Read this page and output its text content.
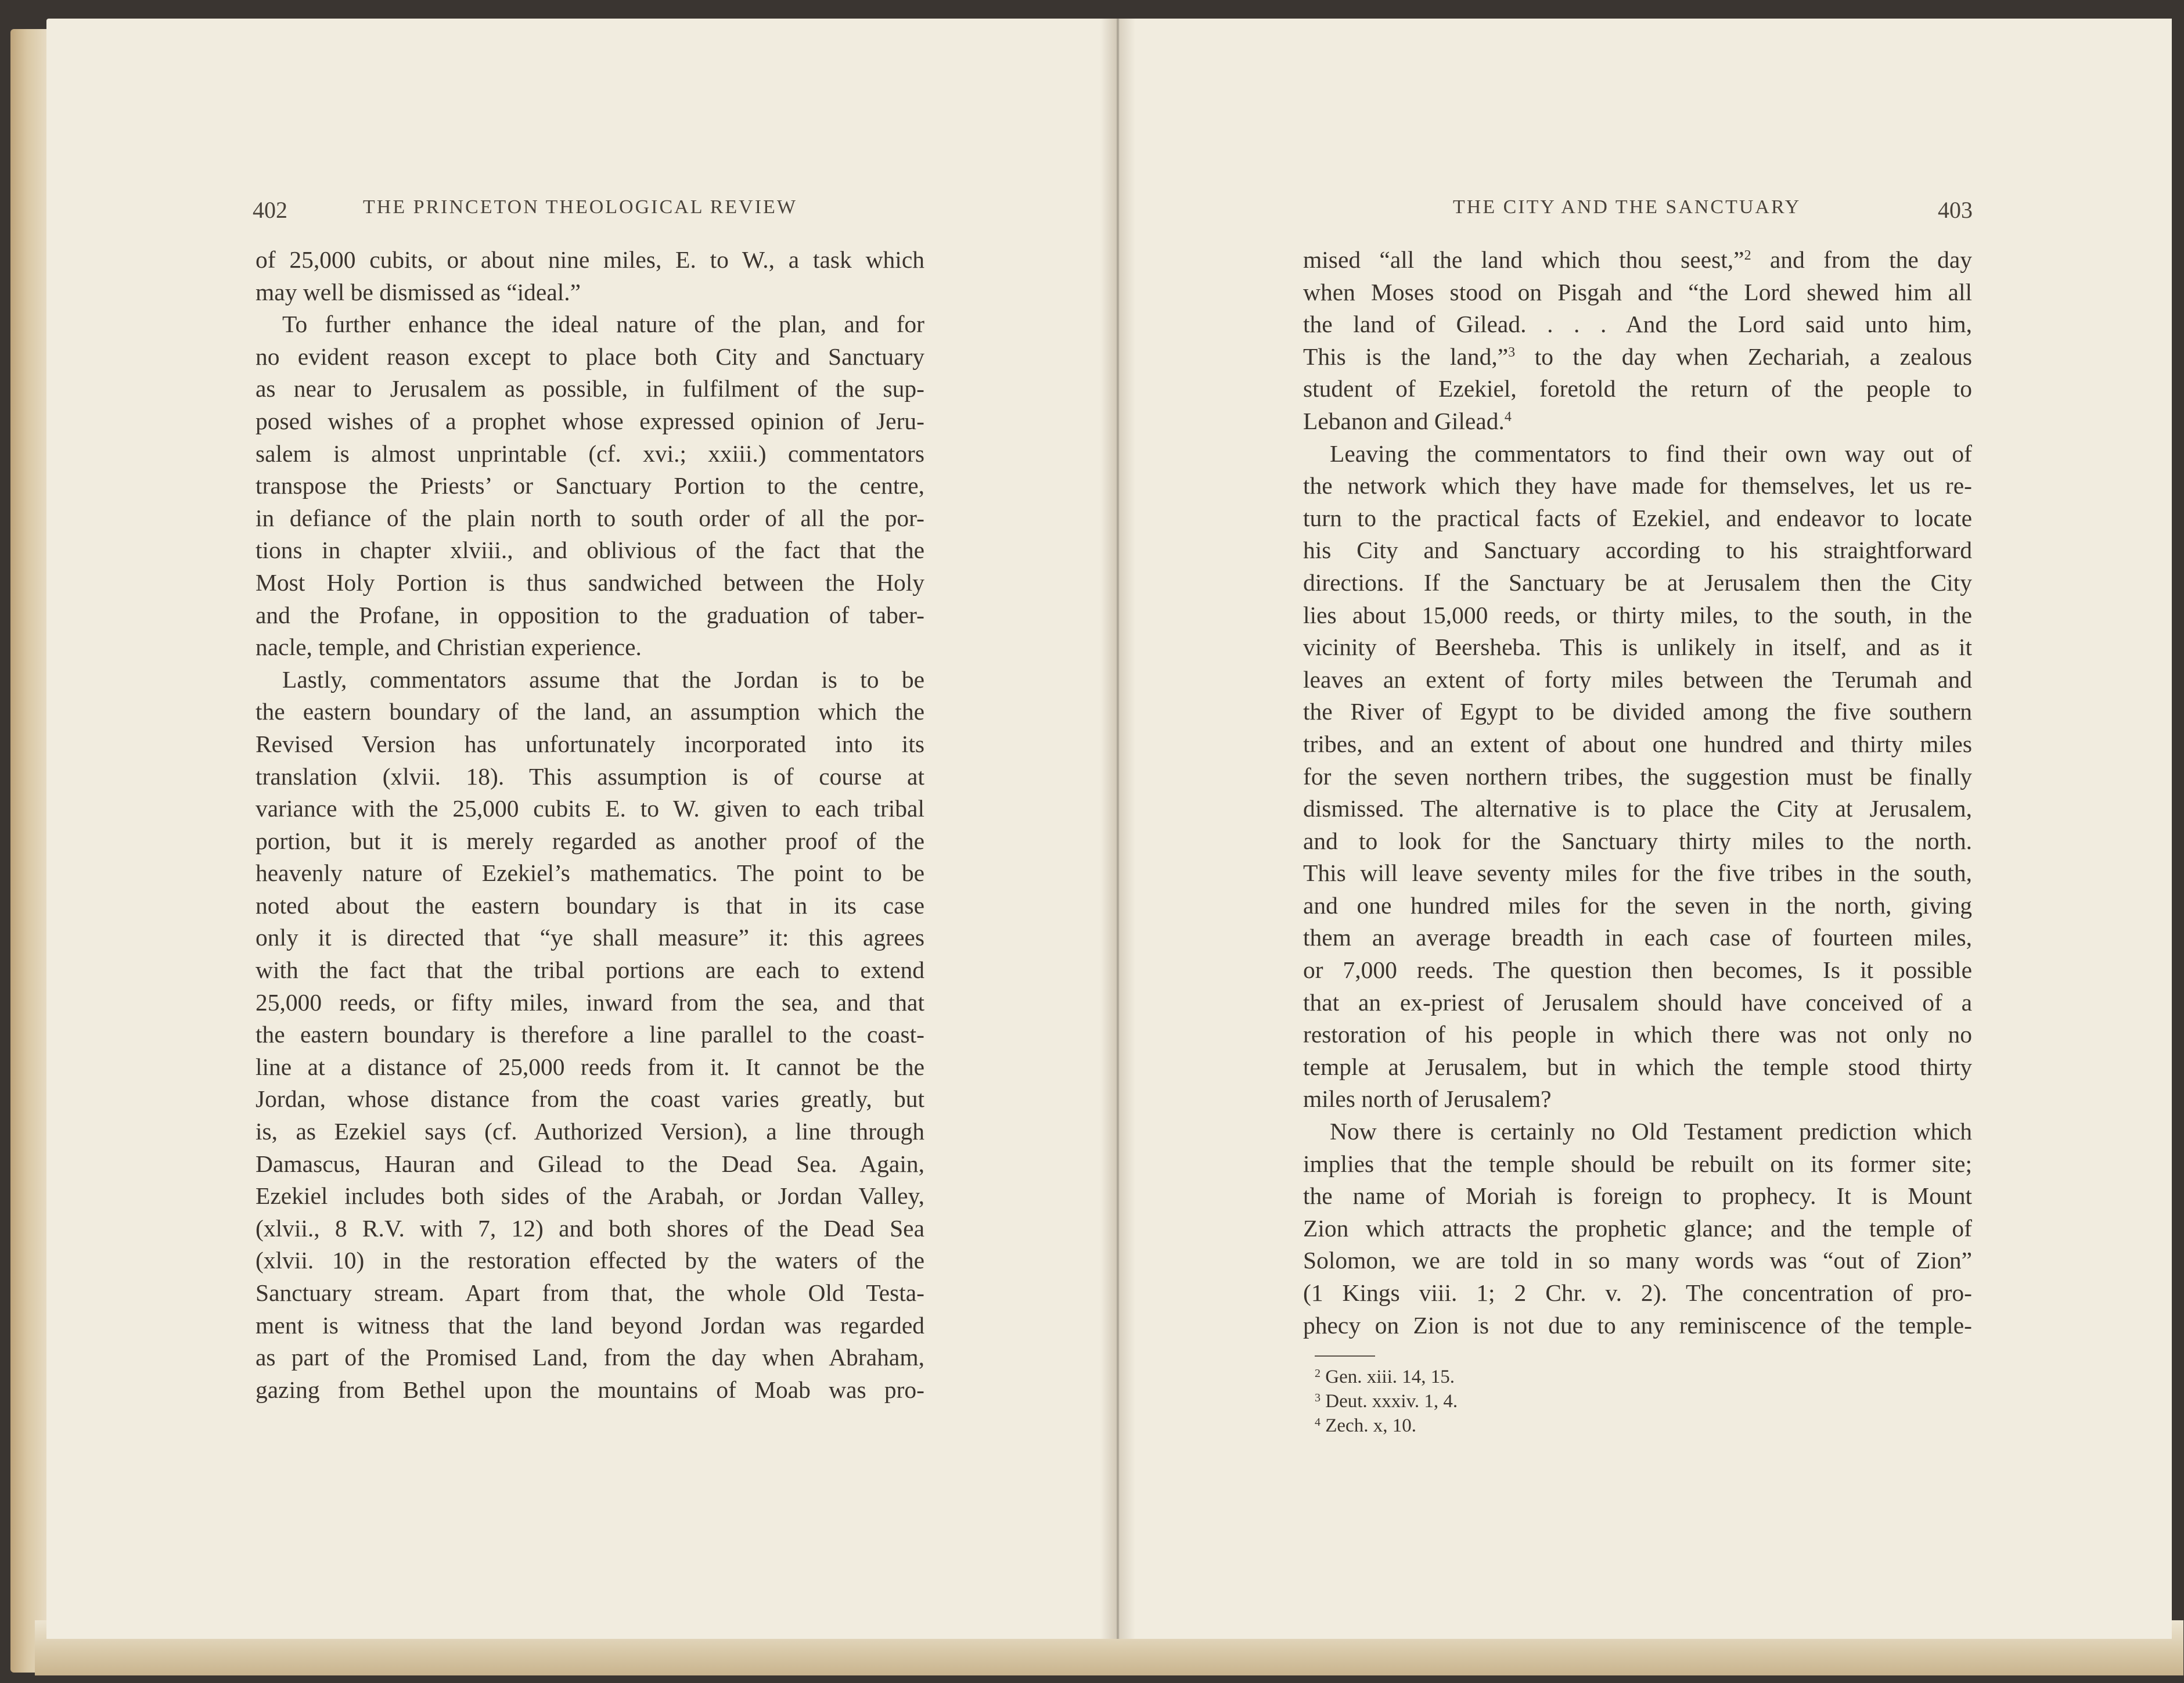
402	THE PRINCETON THEOLOGICAL REVIEW
of 25,000 cubits, or about nine miles, E. to W., a task which
may well be dismissed as “ideal.”
To further enhance the ideal nature of the plan, and for
no evident reason except to place both City and Sanctuary
as near to Jerusalem as possible, in fulfilment of the sup-
posed wishes of a prophet whose expressed opinion of Jeru-
salem is almost unprintable (cf. xvi.; xxiii.) commentators
transpose the Priests’ or Sanctuary Portion to the centre,
in defiance of the plain north to south order of all the por-
tions in chapter xlviii., and oblivious of the fact that the
Most Holy Portion is thus sandwiched between the Holy
and the Profane, in opposition to the graduation of taber-
nacle, temple, and Christian experience.
Lastly, commentators assume that the Jordan is to be
the eastern boundary of the land, an assumption which the
Revised Version has unfortunately incorporated into its
translation (xlvii. 18). This assumption is of course at
variance with the 25,000 cubits E. to W. given to each tribal
portion, but it is merely regarded as another proof of the
heavenly nature of Ezekiel’s mathematics. The point to be
noted about the eastern boundary is that in its case
only it is directed that “ye shall measure” it: this agrees
with the fact that the tribal portions are each to extend
25,000 reeds, or fifty miles, inward from the sea, and that
the eastern boundary is therefore a line parallel to the coast-
line at a distance of 25,000 reeds from it. It cannot be the
Jordan, whose distance from the coast varies greatly, but
is, as Ezekiel says (cf. Authorized Version), a line through
Damascus, Hauran and Gilead to the Dead Sea. Again,
Ezekiel includes both sides of the Arabah, or Jordan Valley,
(xlvii., 8 R.V. with 7, 12) and both shores of the Dead Sea
(xlvii. 10) in the restoration effected by the waters of the
Sanctuary stream. Apart from that, the whole Old Testa-
ment is witness that the land beyond Jordan was regarded
as part of the Promised Land, from the day when Abraham,
gazing from Bethel upon the mountains of Moab was pro-
THE CITY AND THE SANCTUARY	403
mised “all the land which thou seest,”$^2$ and from the day
when Moses stood on Pisgah and “the Lord shewed him all
the land of Gilead. . . . And the Lord said unto him,
This is the land,”$^3$ to the day when Zechariah, a zealous
student of Ezekiel, foretold the return of the people to
Lebanon and Gilead.$^4$
Leaving the commentators to find their own way out of
the network which they have made for themselves, let us re-
turn to the practical facts of Ezekiel, and endeavor to locate
his City and Sanctuary according to his straightforward
directions. If the Sanctuary be at Jerusalem then the City
lies about 15,000 reeds, or thirty miles, to the south, in the
vicinity of Beersheba. This is unlikely in itself, and as it
leaves an extent of forty miles between the Terumah and
the River of Egypt to be divided among the five southern
tribes, and an extent of about one hundred and thirty miles
for the seven northern tribes, the suggestion must be finally
dismissed. The alternative is to place the City at Jerusalem,
and to look for the Sanctuary thirty miles to the north.
This will leave seventy miles for the five tribes in the south,
and one hundred miles for the seven in the north, giving
them an average breadth in each case of fourteen miles,
or 7,000 reeds. The question then becomes, Is it possible
that an ex-priest of Jerusalem should have conceived of a
restoration of his people in which there was not only no
temple at Jerusalem, but in which the temple stood thirty
miles north of Jerusalem?
Now there is certainly no Old Testament prediction which
implies that the temple should be rebuilt on its former site;
the name of Moriah is foreign to prophecy. It is Mount
Zion which attracts the prophetic glance; and the temple of
Solomon, we are told in so many words was “out of Zion”
(1 Kings viii. 1; 2 Chr. v. 2). The concentration of pro-
phecy on Zion is not due to any reminiscence of the temple-
$^2$ Gen. xiii. 14, 15.
$^3$ Deut. xxxiv. 1, 4.
$^4$ Zech. x, 10.
